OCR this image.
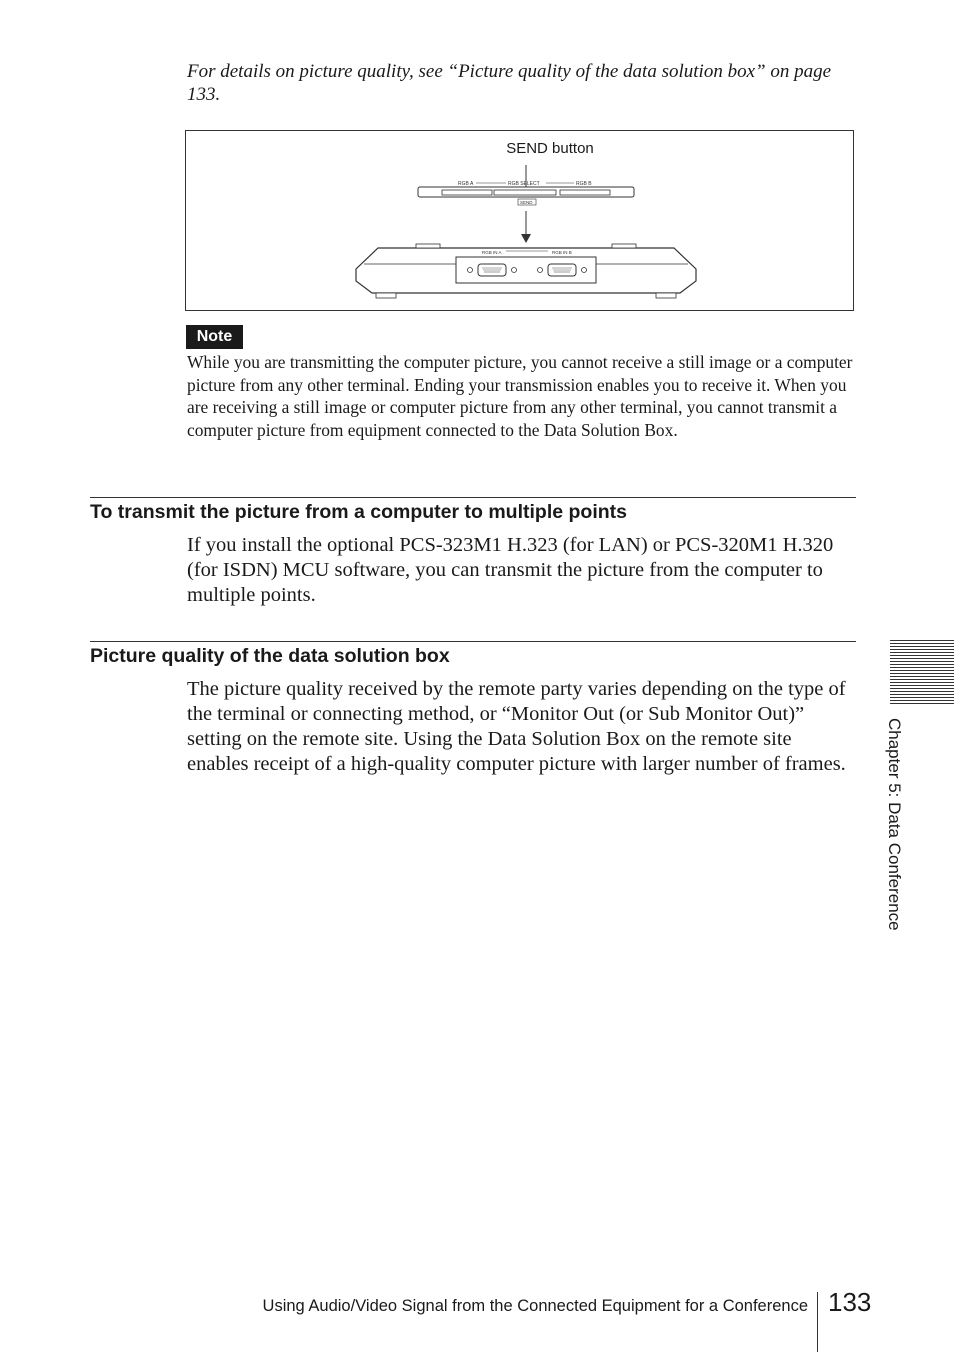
For details on picture quality, see “Picture quality of the data solution box” on page 133.
SEND button
RGB A	RGB SELECT	RGB B
SEND
RGB IN A	RGB IN B
Note
While you are transmitting the computer picture, you cannot receive a still image or a computer picture from any other terminal. Ending your transmission enables you to receive it. When you are receiving a still image or computer picture from any other terminal, you cannot transmit a computer picture from equipment connected to the Data Solution Box.
To transmit the picture from a computer to multiple points
If you install the optional PCS-323M1 H.323 (for LAN) or PCS-320M1 H.320 (for ISDN) MCU software, you can transmit the picture from the computer to multiple points.
Picture quality of the data solution box
The picture quality received by the remote party varies depending on the type of the terminal or connecting method, or “Monitor Out (or Sub Monitor Out)” setting on the remote site. Using the Data Solution Box on the remote site enables receipt of a high-quality computer picture with larger number of frames.	Chapter 5: Data Conference
Using Audio/Video Signal from the Connected Equipment for a Conference 133
